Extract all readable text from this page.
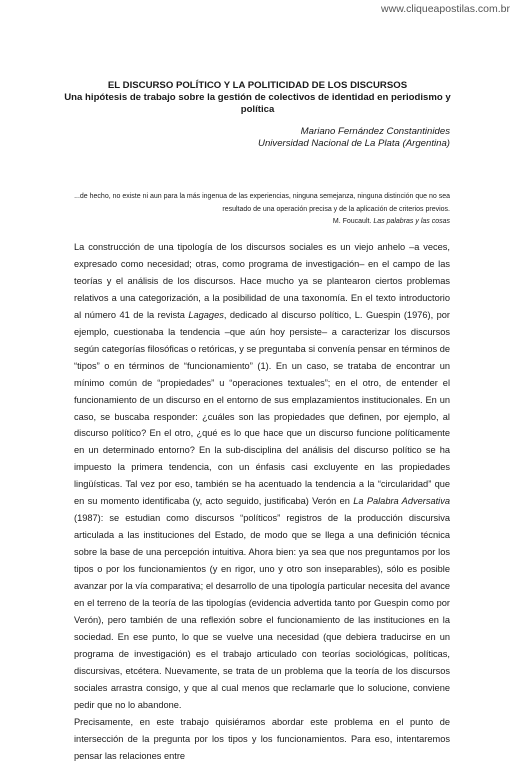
www.cliqueapostilas.com.br
EL DISCURSO POLÍTICO Y LA POLITICIDAD DE LOS DISCURSOS
Una hipótesis de trabajo sobre la gestión de colectivos de identidad en periodismo y política
Mariano Fernández Constantinides
Universidad Nacional de La Plata (Argentina)
...de hecho, no existe ni aun para la más ingenua de las experiencias, ninguna semejanza, ninguna distinción que no sea
resultado de una operación precisa y de la aplicación de criterios previos.
M. Foucault. Las palabras y las cosas

La construcción de una tipología de los discursos sociales es un viejo anhelo –a veces, expresado como necesidad; otras, como programa de investigación– en el campo de las teorías y el análisis de los discursos. Hace mucho ya se plantearon ciertos problemas relativos a una categorización, a la posibilidad de una taxonomía. En el texto introductorio al número 41 de la revista Lagages, dedicado al discurso político, L. Guespin (1976), por ejemplo, cuestionaba la tendencia –que aún hoy persiste– a caracterizar los discursos según categorías filosóficas o retóricas, y se preguntaba si convenía pensar en términos de “tipos” o en términos de “funcionamiento” (1). En un caso, se trataba de encontrar un mínimo común de “propiedades” u “operaciones textuales”; en el otro, de entender el funcionamiento de un discurso en el entorno de sus emplazamientos institucionales. En un caso, se buscaba responder: ¿cuáles son las propiedades que definen, por ejemplo, al discurso político? En el otro, ¿qué es lo que hace que un discurso funcione políticamente en un determinado entorno? En la sub-disciplina del análisis del discurso político se ha impuesto la primera tendencia, con un énfasis casi excluyente en las propiedades lingüísticas. Tal vez por eso, también se ha acentuado la tendencia a la “circularidad” que en su momento identificaba (y, acto seguido, justificaba) Verón en La Palabra Adversativa (1987): se estudian como discursos “políticos” registros de la producción discursiva articulada a las instituciones del Estado, de modo que se llega a una definición técnica sobre la base de una percepción intuitiva. Ahora bien: ya sea que nos preguntamos por los tipos o por los funcionamientos (y en rigor, uno y otro son inseparables), sólo es posible avanzar por la vía comparativa; el desarrollo de una tipología particular necesita del avance en el terreno de la teoría de las tipologías (evidencia advertida tanto por Guespin como por Verón), pero también de una reflexión sobre el funcionamiento de las instituciones en la sociedad. En ese punto, lo que se vuelve una necesidad (que debiera traducirse en un programa de investigación) es el trabajo articulado con teorías sociológicas, políticas, discursivas, etcétera. Nuevamente, se trata de un problema que la teoría de los discursos sociales arrastra consigo, y que al cual menos que reclamarle que lo solucione, conviene pedir que no lo abandone.

Precisamente, en este trabajo quisiéramos abordar este problema en el punto de intersección de la pregunta por los tipos y los funcionamientos. Para eso, intentaremos pensar las relaciones entre
